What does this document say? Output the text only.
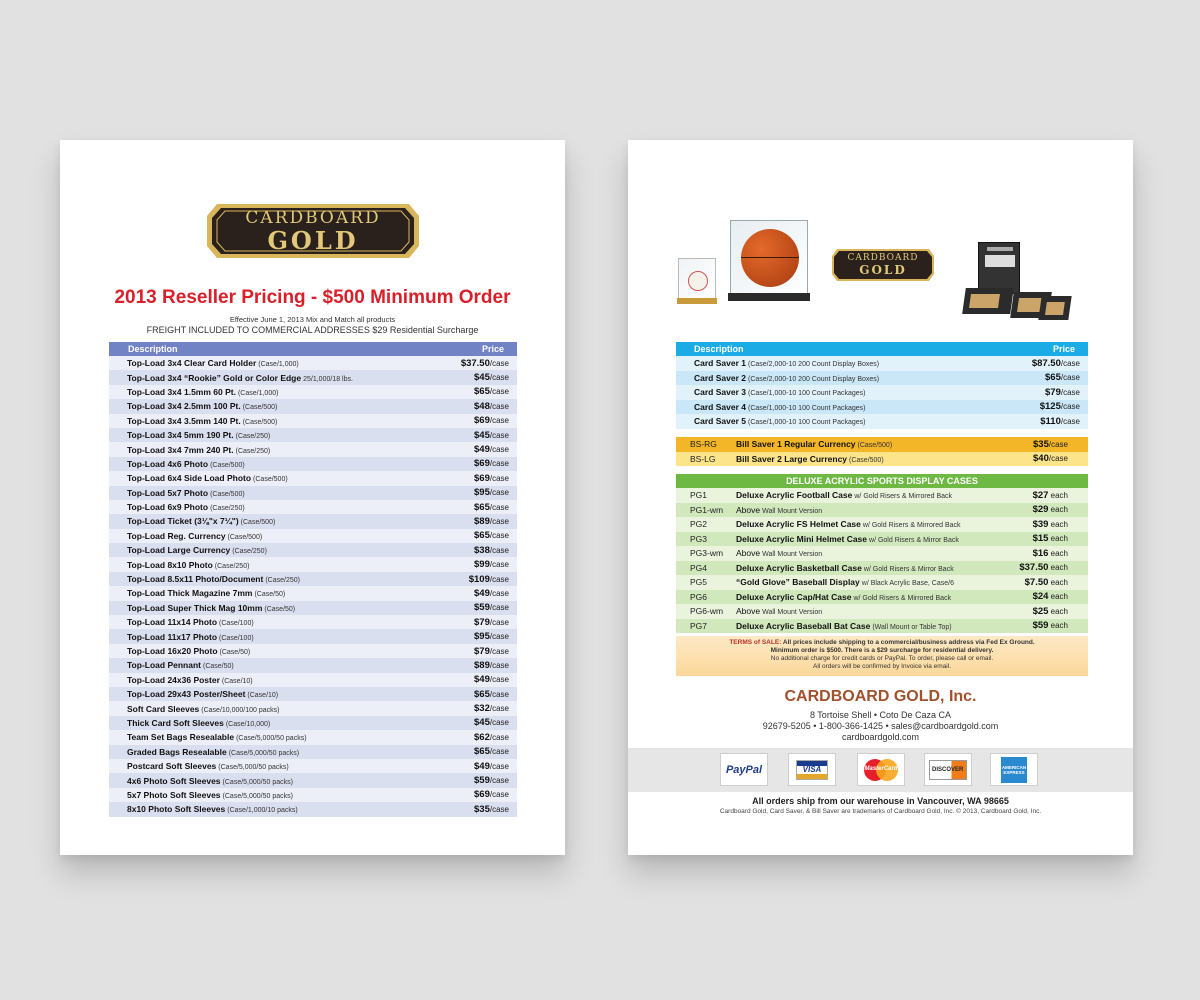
CARDBOARD
GOLD
2013 Reseller Pricing - $500 Minimum Order
Effective June 1, 2013 Mix and Match all products
FREIGHT INCLUDED TO COMMERCIAL ADDRESSES $29 Residential Surcharge
Description	Price
Top-Load 3x4 Clear Card Holder (Case/1,000)	$37.50/case
Top-Load 3x4 “Rookie” Gold or Color Edge 25/1,000/18 lbs.	$45/case
Top-Load 3x4 1.5mm 60 Pt. (Case/1,000)	$65/case
Top-Load 3x4 2.5mm 100 Pt. (Case/500)	$48/case
Top-Load 3x4 3.5mm 140 Pt. (Case/500)	$69/case
Top-Load 3x4 5mm 190 Pt. (Case/250)	$45/case
Top-Load 3x4 7mm 240 Pt. (Case/250)	$49/case
Top-Load 4x6 Photo (Case/500)	$69/case
Top-Load 6x4 Side Load Photo (Case/500)	$69/case
Top-Load 5x7 Photo (Case/500)	$95/case
Top-Load 6x9 Photo (Case/250)	$65/case
Top-Load Ticket (3⅛"x 7¼") (Case/500)	$89/case
Top-Load Reg. Currency (Case/500)	$65/case
Top-Load Large Currency (Case/250)	$38/case
Top-Load 8x10 Photo (Case/250)	$99/case
Top-Load 8.5x11 Photo/Document (Case/250)	$109/case
Top-Load Thick Magazine 7mm (Case/50)	$49/case
Top-Load Super Thick Mag 10mm (Case/50)	$59/case
Top-Load 11x14 Photo (Case/100)	$79/case
Top-Load 11x17 Photo (Case/100)	$95/case
Top-Load 16x20 Photo (Case/50)	$79/case
Top-Load Pennant (Case/50)	$89/case
Top-Load 24x36 Poster (Case/10)	$49/case
Top-Load 29x43 Poster/Sheet (Case/10)	$65/case
Soft Card Sleeves (Case/10,000/100 packs)	$32/case
Thick Card Soft Sleeves (Case/10,000)	$45/case
Team Set Bags Resealable (Case/5,000/50 packs)	$62/case
Graded Bags Resealable (Case/5,000/50 packs)	$65/case
Postcard Soft Sleeves (Case/5,000/50 packs)	$49/case
4x6 Photo Soft Sleeves (Case/5,000/50 packs)	$59/case
5x7 Photo Soft Sleeves (Case/5,000/50 packs)	$69/case
8x10 Photo Soft Sleeves (Case/1,000/10 packs)	$35/case
CARDBOARD
GOLD
Description	Price
Card Saver 1 (Case/2,000-10 200 Count Display Boxes)	$87.50/case
Card Saver 2 (Case/2,000-10 200 Count Display Boxes)	$65/case
Card Saver 3 (Case/1,000-10 100 Count Packages)	$79/case
Card Saver 4 (Case/1,000-10 100 Count Packages)	$125/case
Card Saver 5 (Case/1,000-10 100 Count Packages)	$110/case
BS-RG Bill Saver 1 Regular Currency (Case/500)	$35/case
BS-LG Bill Saver 2 Large Currency (Case/500)	$40/case
DELUXE ACRYLIC SPORTS DISPLAY CASES
PG1	Deluxe Acrylic Football Case w/ Gold Risers & Mirrored Back	$27 each
PG1-wm Above Wall Mount Version	$29 each
PG2	Deluxe Acrylic FS Helmet Case w/ Gold Risers & Mirrored Back	$39 each
PG3	Deluxe Acrylic Mini Helmet Case w/ Gold Risers & Mirror Back	$15 each
PG3-wm Above Wall Mount Version	$16 each
PG4	Deluxe Acrylic Basketball Case w/ Gold Risers & Mirror Back	$37.50 each
PG5	“Gold Glove” Baseball Display w/ Black Acrylic Base, Case/6	$7.50 each
PG6	Deluxe Acrylic Cap/Hat Case w/ Gold Risers & Mirrored Back	$24 each
PG6-wm Above Wall Mount Version	$25 each
PG7	Deluxe Acrylic Baseball Bat Case (Wall Mount or Table Top)	$59 each
TERMS of SALE: All prices include shipping to a commercial/business address via Fed Ex Ground.
Minimum order is $500. There is a $29 surcharge for residential delivery.
No additional charge for credit cards or PayPal. To order, please call or email.
All orders will be confirmed by Invoice via email.
CARDBOARD GOLD, Inc.
8 Tortoise Shell • Coto De Caza CA
92679-5205 • 1-800-366-1425 • sales@cardboardgold.com
cardboardgold.com
PayPal	VISA	MasterCard	DISCOVER	AMERICAN
EXPRESS
All orders ship from our warehouse in Vancouver, WA 98665
Cardboard Gold, Card Saver, & Bill Saver are trademarks of Cardboard Gold, Inc. © 2013, Cardboard Gold, Inc.
